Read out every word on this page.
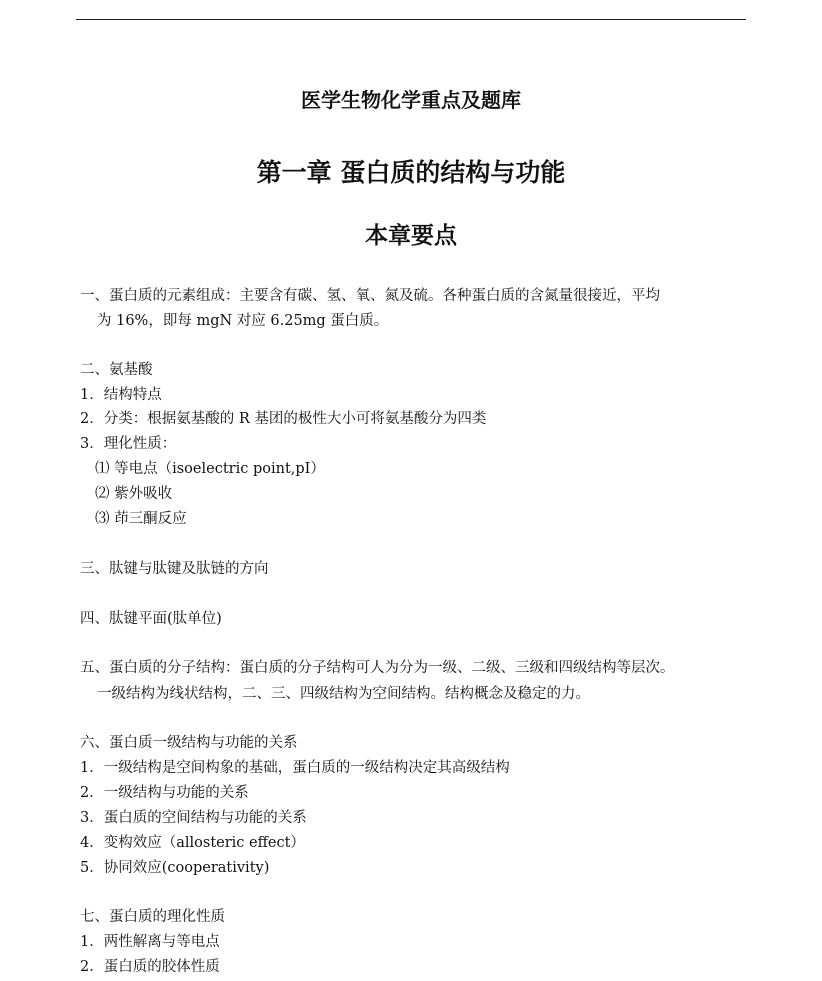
医学生物化学重点及题库
第一章 蛋白质的结构与功能
本章要点
一、蛋白质的元素组成：主要含有碳、氢、氧、氮及硫。各种蛋白质的含氮量很接近，平均
为 16%，即每 mgN 对应 6.25mg 蛋白质。
二、氨基酸
1．结构特点
2．分类：根据氨基酸的 R 基团的极性大小可将氨基酸分为四类
3．理化性质：
⑴ 等电点（isoelectric point,pI）
⑵ 紫外吸收
⑶ 茚三酮反应
三、肽键与肽键及肽链的方向
四、肽键平面(肽单位)
五、蛋白质的分子结构：蛋白质的分子结构可人为分为一级、二级、三级和四级结构等层次。
一级结构为线状结构，二、三、四级结构为空间结构。结构概念及稳定的力。
六、蛋白质一级结构与功能的关系
1．一级结构是空间构象的基础，蛋白质的一级结构决定其高级结构
2．一级结构与功能的关系
3．蛋白质的空间结构与功能的关系
4．变构效应（allosteric effect）
5．协同效应(cooperativity)
七、蛋白质的理化性质
1．两性解离与等电点
2．蛋白质的胶体性质
